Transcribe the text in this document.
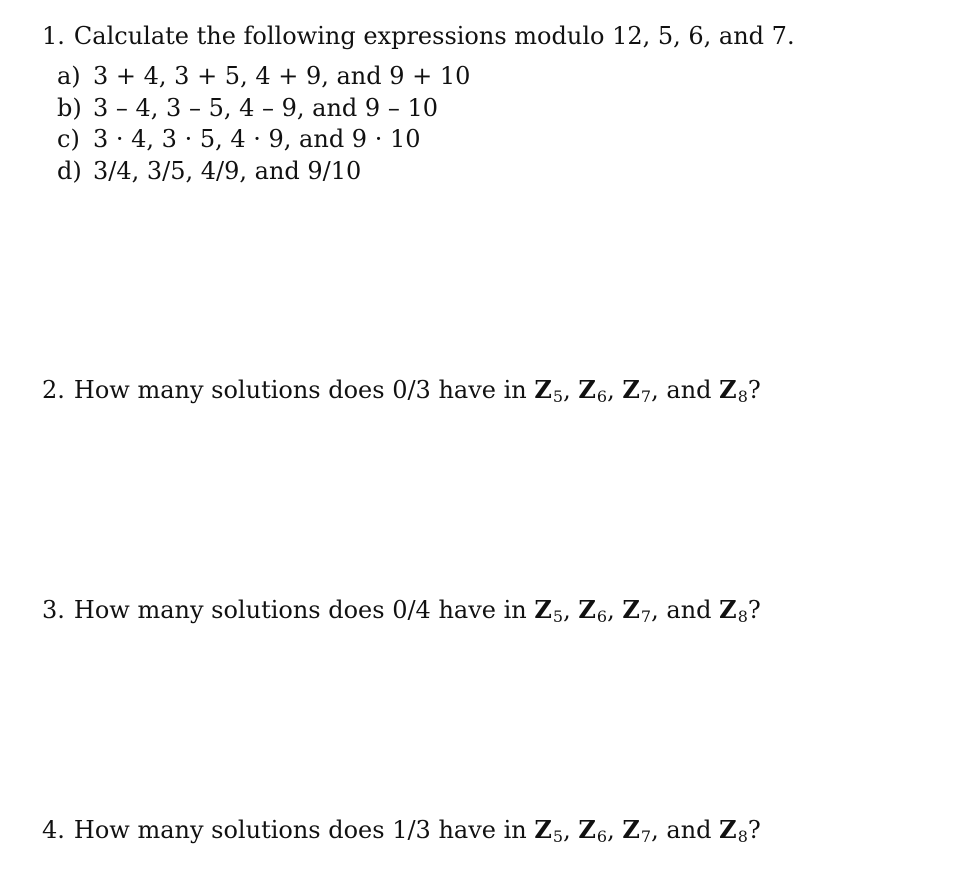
1. Calculate the following expressions modulo 12, 5, 6, and 7.
a) 3 + 4, 3 + 5, 4 + 9, and 9 + 10
b) 3 – 4, 3 – 5, 4 – 9, and 9 – 10
c) 3 · 4, 3 · 5, 4 · 9, and 9 · 10
d) 3/4, 3/5, 4/9, and 9/10
2. How many solutions does 0/3 have in Z5, Z6, Z7, and Z8?
3. How many solutions does 0/4 have in Z5, Z6, Z7, and Z8?
4. How many solutions does 1/3 have in Z5, Z6, Z7, and Z8?
